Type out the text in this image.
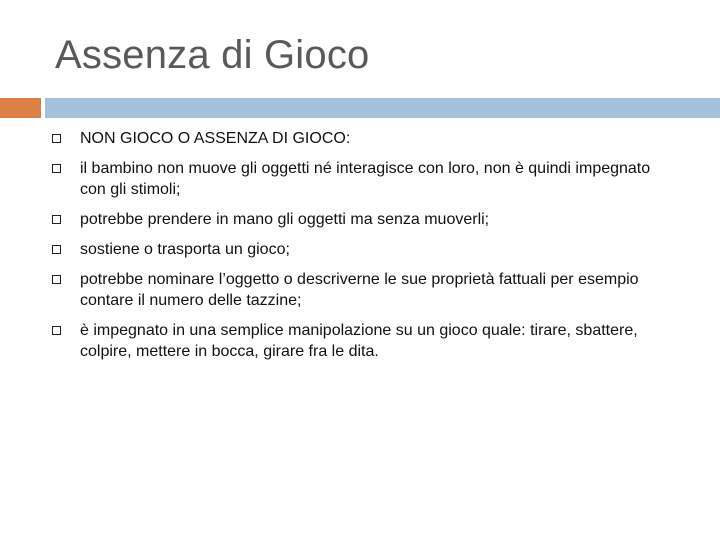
Assenza di Gioco
NON GIOCO O ASSENZA DI GIOCO:
il bambino non muove gli oggetti né interagisce con loro, non è quindi impegnato con gli stimoli;
potrebbe prendere in mano gli oggetti ma senza muoverli;
sostiene o trasporta un gioco;
potrebbe nominare l’oggetto o descriverne le sue proprietà fattuali per esempio contare il numero delle tazzine;
è impegnato in una semplice manipolazione su un gioco quale: tirare, sbattere, colpire, mettere in bocca, girare fra le dita.
